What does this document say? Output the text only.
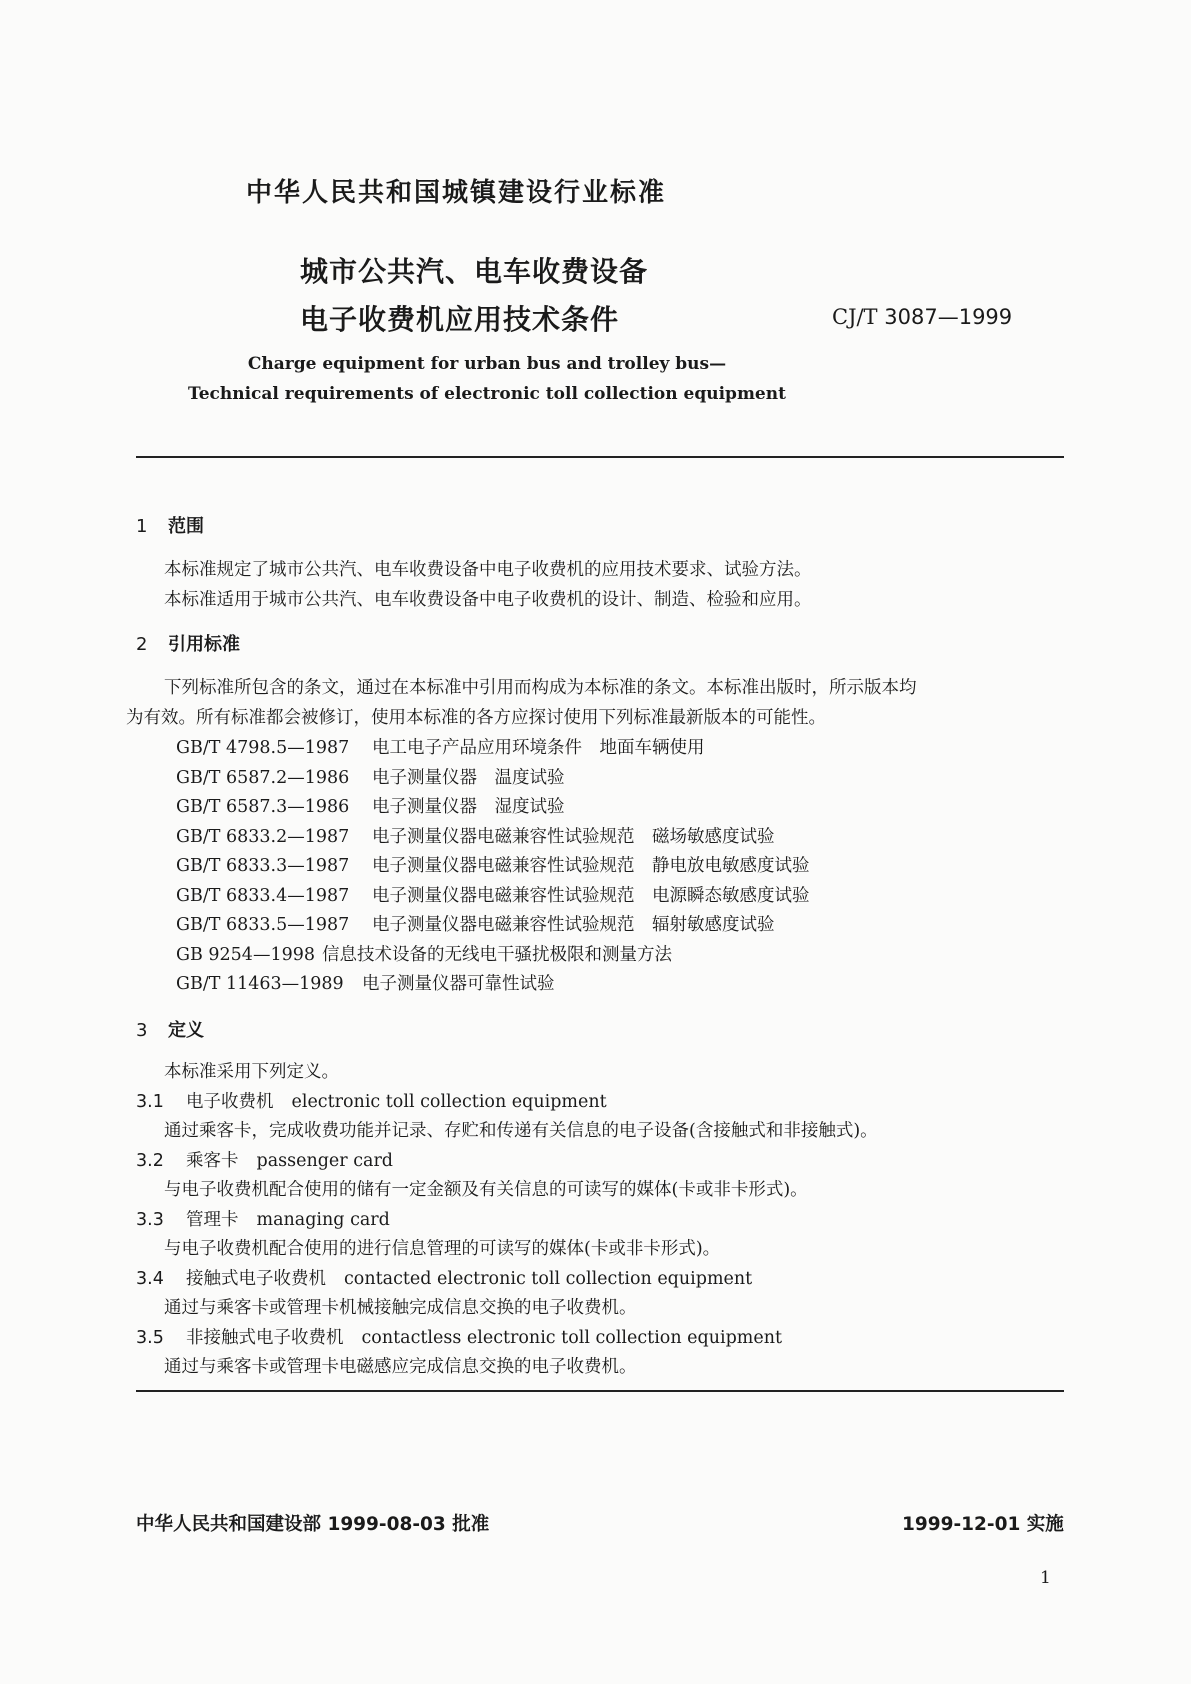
中华人民共和国城镇建设行业标准
城市公共汽、电车收费设备
电子收费机应用技术条件	CJ/T 3087—1999
Charge equipment for urban bus and trolley bus—
Technical requirements of electronic toll collection equipment
1 范围
本标准规定了城市公共汽、电车收费设备中电子收费机的应用技术要求、试验方法。
本标准适用于城市公共汽、电车收费设备中电子收费机的设计、制造、检验和应用。
2 引用标准
下列标准所包含的条文，通过在本标准中引用而构成为本标准的条文。本标准出版时，所示版本均
为有效。所有标准都会被修订，使用本标准的各方应探讨使用下列标准最新版本的可能性。
GB/T 4798.5—1987 电工电子产品应用环境条件　地面车辆使用
GB/T 6587.2—1986 电子测量仪器　温度试验
GB/T 6587.3—1986 电子测量仪器　湿度试验
GB/T 6833.2—1987 电子测量仪器电磁兼容性试验规范　磁场敏感度试验
GB/T 6833.3—1987 电子测量仪器电磁兼容性试验规范　静电放电敏感度试验
GB/T 6833.4—1987 电子测量仪器电磁兼容性试验规范　电源瞬态敏感度试验
GB/T 6833.5—1987 电子测量仪器电磁兼容性试验规范　辐射敏感度试验
GB 9254—1998 信息技术设备的无线电干骚扰极限和测量方法
GB/T 11463—1989 电子测量仪器可靠性试验
3 定义
本标准采用下列定义。
3.1 电子收费机 electronic toll collection equipment
通过乘客卡，完成收费功能并记录、存贮和传递有关信息的电子设备(含接触式和非接触式)。
3.2 乘客卡 passenger card
与电子收费机配合使用的储有一定金额及有关信息的可读写的媒体(卡或非卡形式)。
3.3 管理卡 managing card
与电子收费机配合使用的进行信息管理的可读写的媒体(卡或非卡形式)。
3.4 接触式电子收费机 contacted electronic toll collection equipment
通过与乘客卡或管理卡机械接触完成信息交换的电子收费机。
3.5 非接触式电子收费机 contactless electronic toll collection equipment
通过与乘客卡或管理卡电磁感应完成信息交换的电子收费机。
中华人民共和国建设部 1999-08-03 批准	1999-12-01 实施
1
